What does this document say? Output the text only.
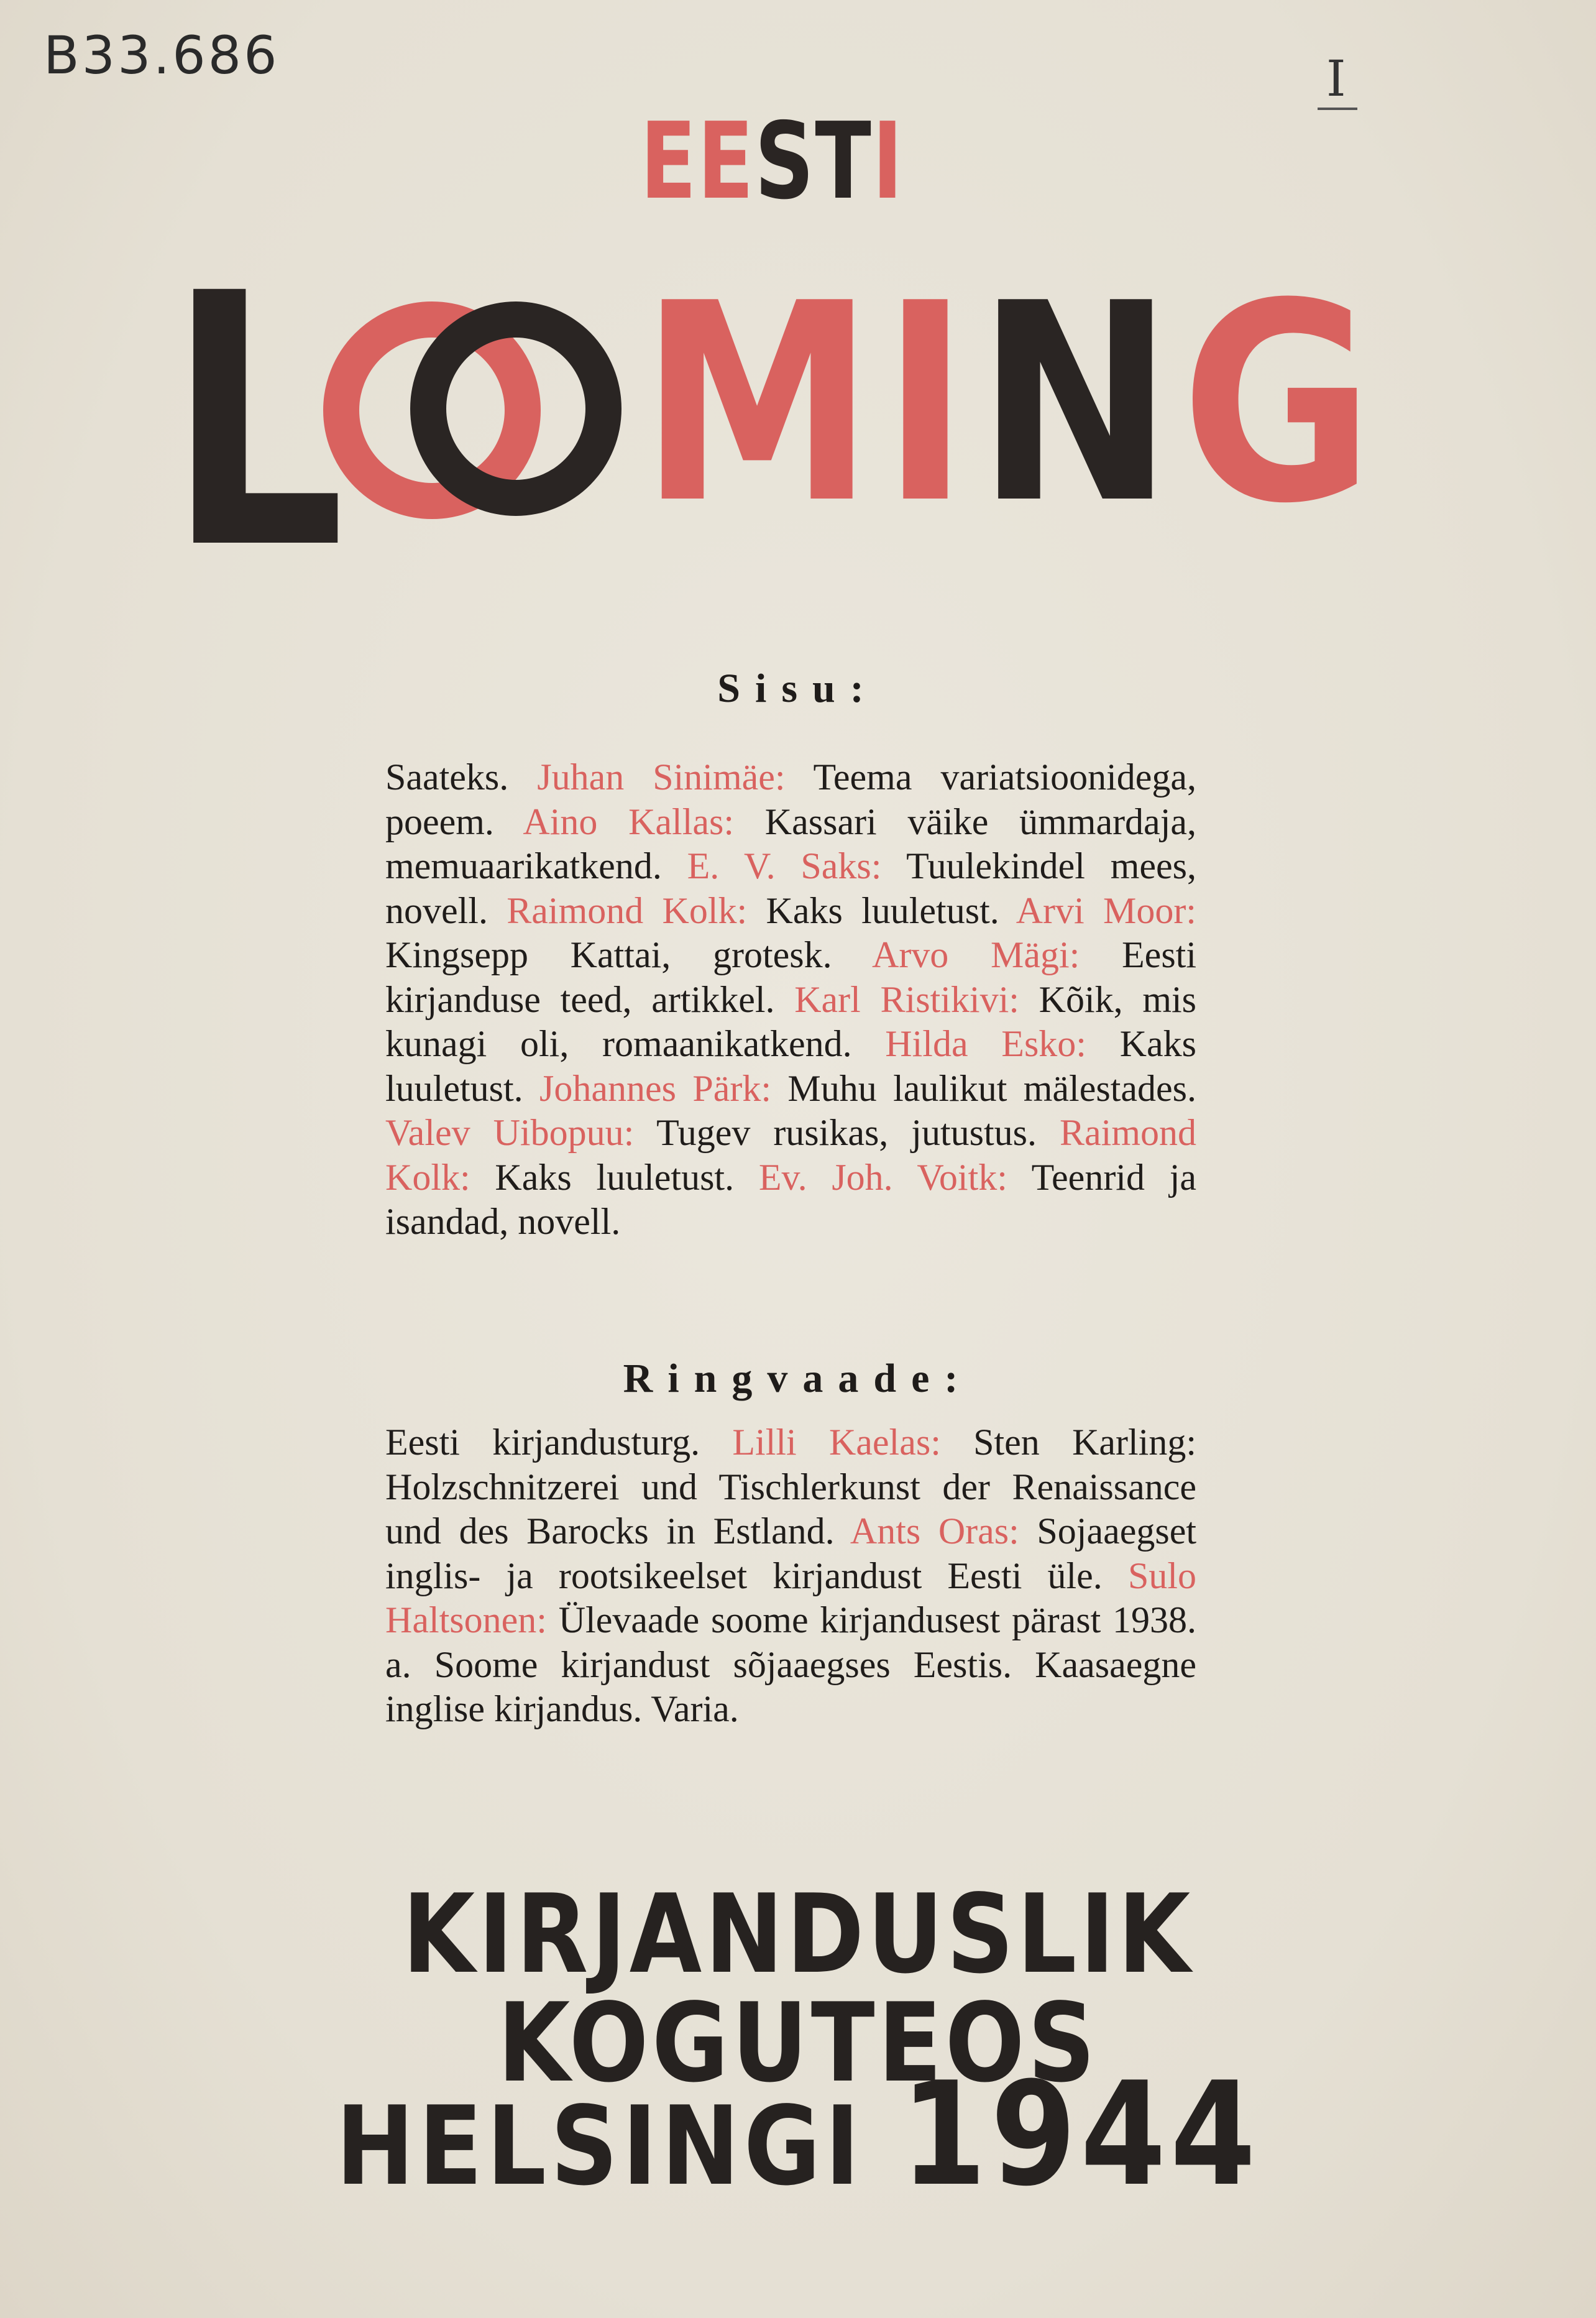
B33.686	I
EESTI
L MING
Sisu:
Saateks. Juhan Sinimäe: Teema variatsioonidega, poeem. Aino Kallas: Kassari väike ümmardaja, memuaarikatkend. E. V. Saks: Tuulekindel mees, novell. Raimond Kolk: Kaks luuletust. Arvi Moor: Kingsepp Kattai, grotesk. Arvo Mägi: Eesti kirjanduse teed, artikkel. Karl Ristikivi: Kõik, mis kunagi oli, romaanikatkend. Hilda Esko: Kaks luuletust. Johannes Pärk: Muhu laulikut mälestades. Valev Uibopuu: Tugev rusikas, jutustus. Raimond Kolk: Kaks luuletust. Ev. Joh. Voitk: Teenrid ja isandad, novell.
Ringvaade:
Eesti kirjandusturg. Lilli Kaelas: Sten Karling: Holzschnitzerei und Tischlerkunst der Renaissance und des Barocks in Estland. Ants Oras: Sojaaegset inglis- ja rootsikeelset kirjandust Eesti üle. Sulo Haltsonen: Ülevaade soome kirjandusest pärast 1938. a. Soome kirjandust sõjaaegses Eestis. Kaasaegne inglise kirjandus. Varia.
KIRJANDUSLIK KOGUTEOS
HELSINGI 1944
